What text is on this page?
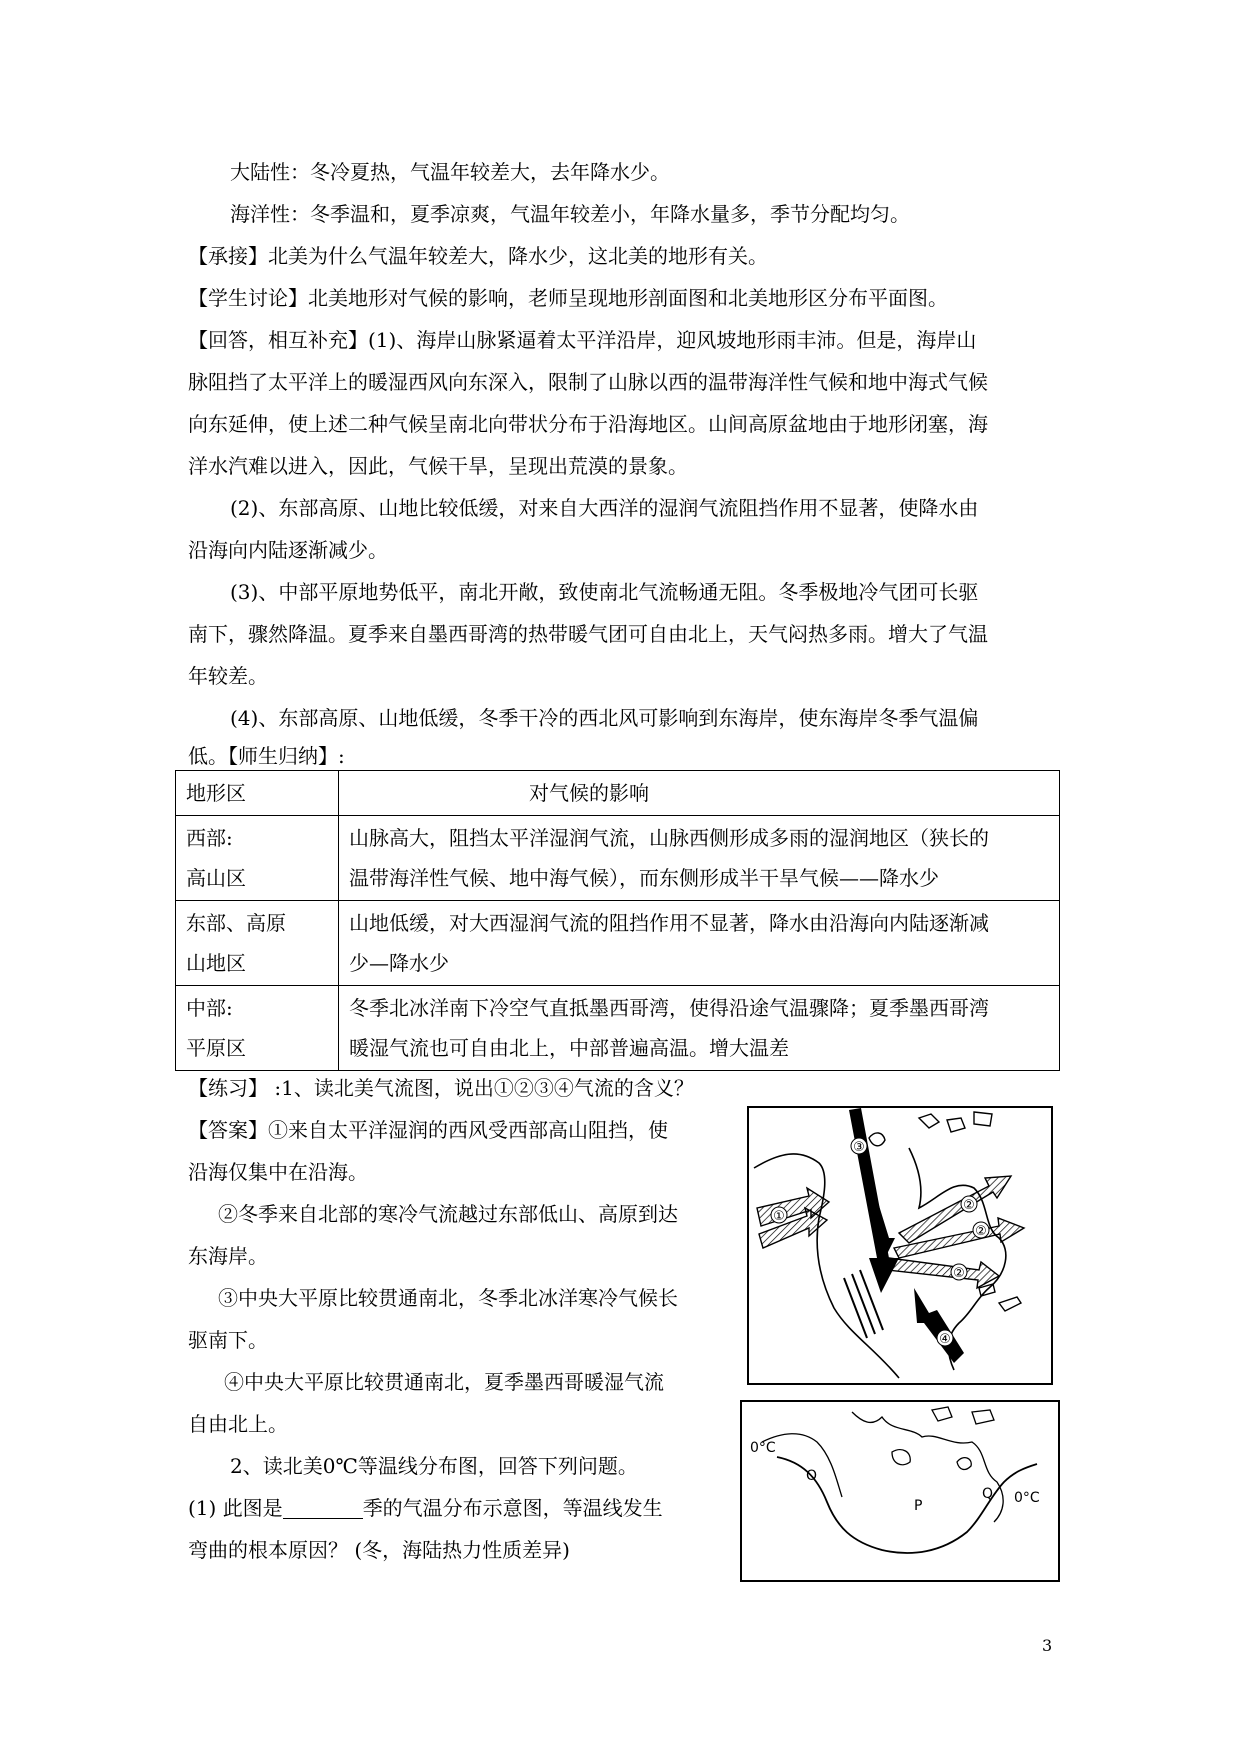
大陆性：冬冷夏热，气温年较差大，去年降水少。
海洋性：冬季温和，夏季凉爽，气温年较差小，年降水量多，季节分配均匀。
【承接】北美为什么气温年较差大，降水少，这北美的地形有关。
【学生讨论】北美地形对气候的影响，老师呈现地形剖面图和北美地形区分布平面图。
【回答，相互补充】(1)、海岸山脉紧逼着太平洋沿岸，迎风坡地形雨丰沛。但是，海岸山
脉阻挡了太平洋上的暖湿西风向东深入，限制了山脉以西的温带海洋性气候和地中海式气候
向东延伸，使上述二种气候呈南北向带状分布于沿海地区。山间高原盆地由于地形闭塞，海
洋水汽难以进入，因此，气候干旱，呈现出荒漠的景象。
(2)、东部高原、山地比较低缓，对来自大西洋的湿润气流阻挡作用不显著，使降水由
沿海向内陆逐渐减少。
(3)、中部平原地势低平，南北开敞，致使南北气流畅通无阻。冬季极地冷气团可长驱
南下，骤然降温。夏季来自墨西哥湾的热带暖气团可自由北上，天气闷热多雨。增大了气温
年较差。
(4)、东部高原、山地低缓，冬季干冷的西北风可影响到东海岸，使东海岸冬季气温偏
低。【师生归纳】:
地形区	对气候的影响
西部:
高山区	山脉高大，阻挡太平洋湿润气流，山脉西侧形成多雨的湿润地区（狭长的
温带海洋性气候、地中海气候），而东侧形成半干旱气候——降水少
东部、高原
山地区	山地低缓，对大西湿润气流的阻挡作用不显著，降水由沿海向内陆逐渐减
少—降水少
中部:
平原区	冬季北冰洋南下冷空气直抵墨西哥湾，使得沿途气温骤降；夏季墨西哥湾
暖湿气流也可自由北上，中部普遍高温。增大温差
【练习】 :1、读北美气流图，说出①②③④气流的含义？
【答案】①来自太平洋湿润的西风受西部高山阻挡，使
沿海仅集中在沿海。
②冬季来自北部的寒冷气流越过东部低山、高原到达
东海岸。
③中央大平原比较贯通南北，冬季北冰洋寒冷气候长
驱南下。
④中央大平原比较贯通南北，夏季墨西哥暖湿气流
自由北上。
2、读北美0℃等温线分布图，回答下列问题。
(1) 此图是	季的气温分布示意图，等温线发生
弯曲的根本原因？ (冬，海陆热力性质差异)
①
②
②
②
③
④
0°C
O
0°C
Q
P
3
